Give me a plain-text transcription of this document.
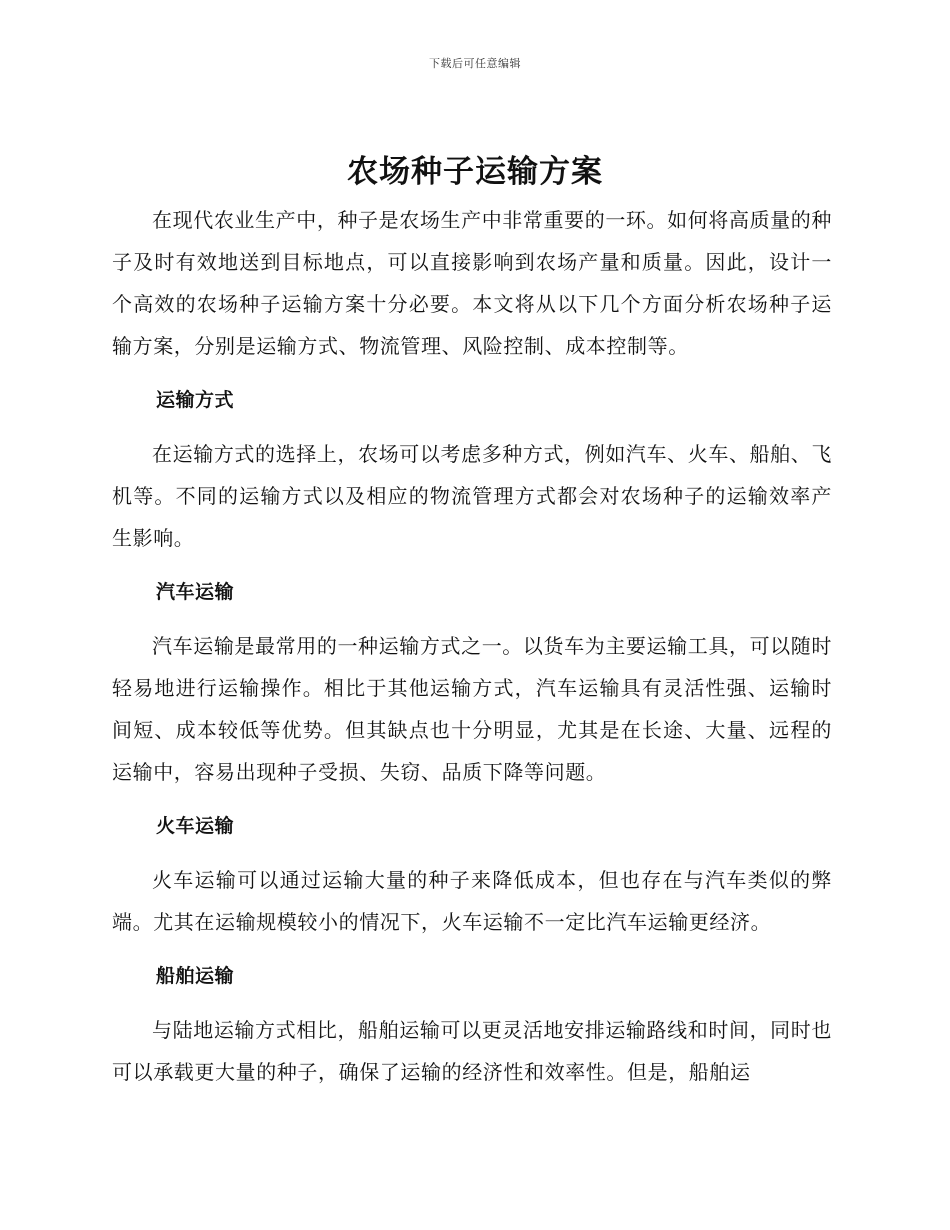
下载后可任意编辑
农场种子运输方案

在现代农业生产中，种子是农场生产中非常重要的一环。如何将高质量的种子及时有效地送到目标地点，可以直接影响到农场产量和质量。因此，设计一个高效的农场种子运输方案十分必要。本文将从以下几个方面分析农场种子运输方案，分别是运输方式、物流管理、风险控制、成本控制等。

运输方式

在运输方式的选择上，农场可以考虑多种方式，例如汽车、火车、船舶、飞机等。不同的运输方式以及相应的物流管理方式都会对农场种子的运输效率产生影响。

汽车运输

汽车运输是最常用的一种运输方式之一。以货车为主要运输工具，可以随时轻易地进行运输操作。相比于其他运输方式，汽车运输具有灵活性强、运输时间短、成本较低等优势。但其缺点也十分明显，尤其是在长途、大量、远程的运输中，容易出现种子受损、失窃、品质下降等问题。

火车运输

火车运输可以通过运输大量的种子来降低成本，但也存在与汽车类似的弊端。尤其在运输规模较小的情况下，火车运输不一定比汽车运输更经济。

船舶运输

与陆地运输方式相比，船舶运输可以更灵活地安排运输路线和时间，同时也可以承载更大量的种子，确保了运输的经济性和效率性。但是，船舶运
